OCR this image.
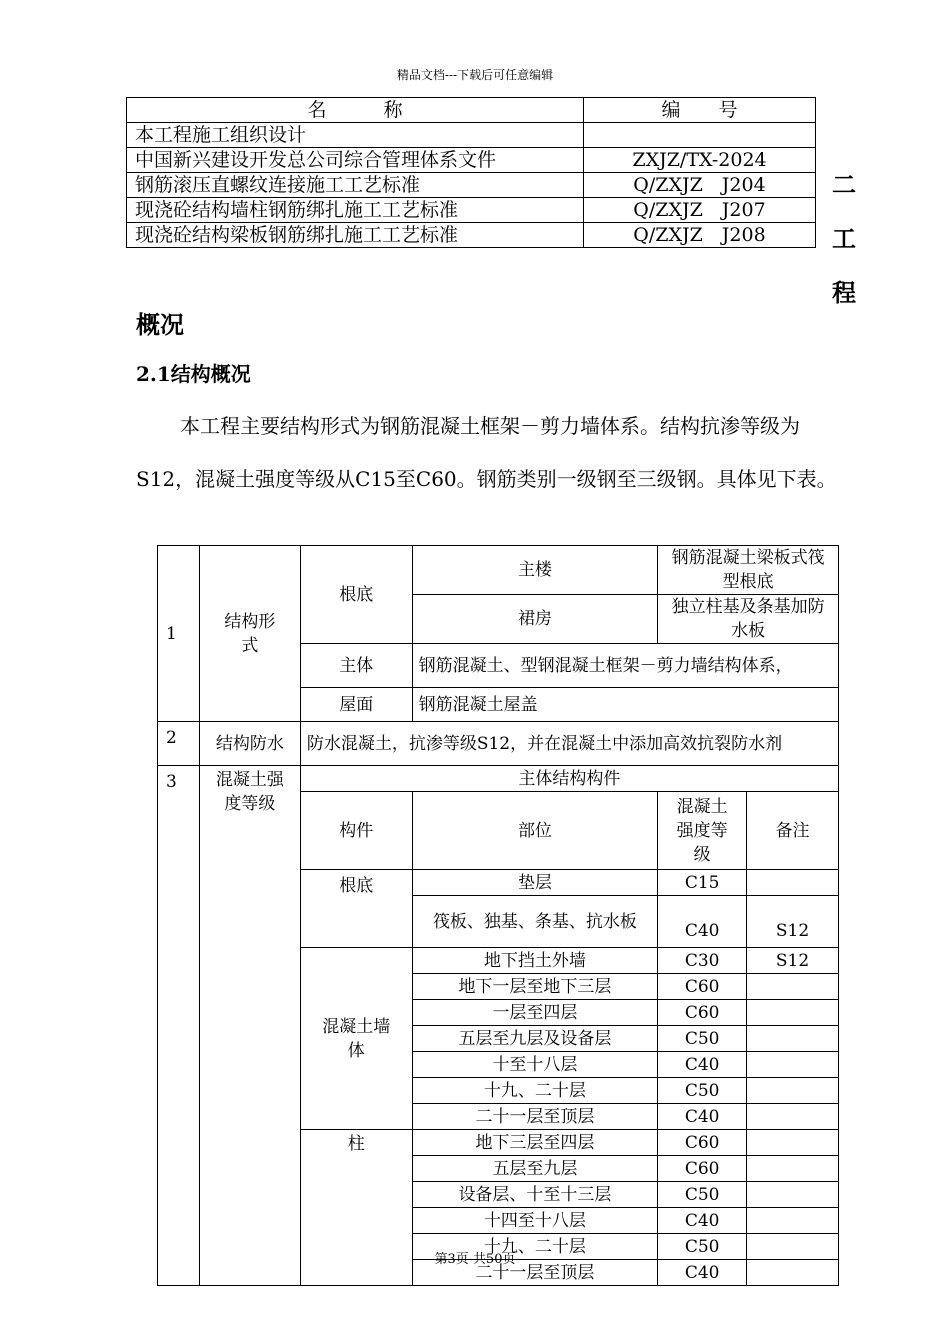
精品文档---下载后可任意编辑
名　　　称	编　　号
本工程施工组织设计	
中国新兴建设开发总公司综合管理体系文件	ZXJZ/TX-2024
钢筋滚压直螺纹连接施工工艺标准	Q/ZXJZ　J204
现浇砼结构墙柱钢筋绑扎施工工艺标准	Q/ZXJZ　J207
现浇砼结构梁板钢筋绑扎施工工艺标准	Q/ZXJZ　J208
二
工
程
概况
2.1结构概况
本工程主要结构形式为钢筋混凝土框架－剪力墙体系。结构抗渗等级为S12，混凝土强度等级从C15至C60。钢筋类别一级钢至三级钢。具体见下表。
1	结构形式	根底	主楼	钢筋混凝土梁板式筏型根底	
			裙房	独立柱基及条基加防水板	
		主体	钢筋混凝土、型钢混凝土框架－剪力墙结构体系，		
		屋面	钢筋混凝土屋盖		
2	结构防水	防水混凝土，抗渗等级S12，并在混凝土中添加高效抗裂防水剂			
3	混凝土强度等级	主体结构构件			
		构件	部位	混凝土强度等级	备注
		根底	垫层	C15	
			筏板、独基、条基、抗水板	C40	S12
		混凝土墙体	地下挡土外墙	C30	S12
			地下一层至地下三层	C60	
			一层至四层	C60	
			五层至九层及设备层	C50	
			十至十八层	C40	
			十九、二十层	C50	
			二十一层至顶层	C40	
		柱	地下三层至四层	C60	
			五层至九层	C60	
			设备层、十至十三层	C50	
			十四至十八层	C40	
			十九、二十层	C50	
			二十一层至顶层	C40	
第3页 共50页
